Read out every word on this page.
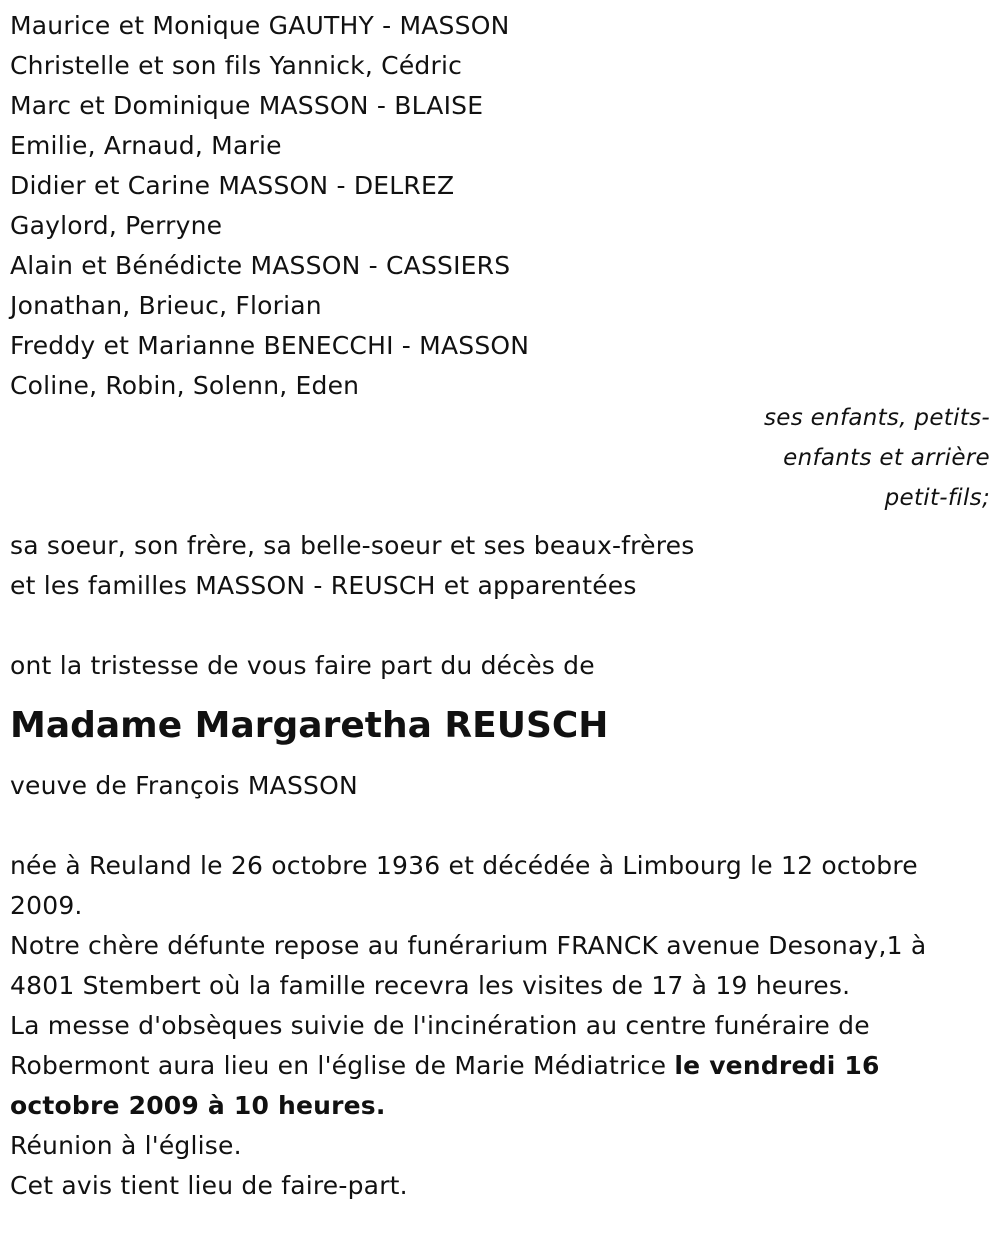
Maurice et Monique GAUTHY - MASSON
Christelle et son fils Yannick, Cédric
Marc et Dominique MASSON - BLAISE
Emilie, Arnaud, Marie
Didier et Carine MASSON - DELREZ
Gaylord, Perryne
Alain et Bénédicte MASSON - CASSIERS
Jonathan, Brieuc, Florian
Freddy et Marianne BENECCHI - MASSON
Coline, Robin, Solenn, Eden
ses enfants, petits-
enfants et arrière
petit-fils;
sa soeur, son frère, sa belle-soeur et ses beaux-frères
et les familles MASSON - REUSCH et apparentées
ont la tristesse de vous faire part du décès de
Madame Margaretha REUSCH
veuve de François MASSON
née à Reuland le 26 octobre 1936 et décédée à Limbourg le 12 octobre 2009.
Notre chère défunte repose au funérarium FRANCK avenue Desonay,1 à 4801 Stembert où la famille recevra les visites de 17 à 19 heures.
La messe d'obsèques suivie de l'incinération au centre funéraire de Robermont aura lieu en l'église de Marie Médiatrice le vendredi 16 octobre 2009 à 10 heures.
Réunion à l'église.
Cet avis tient lieu de faire-part.
